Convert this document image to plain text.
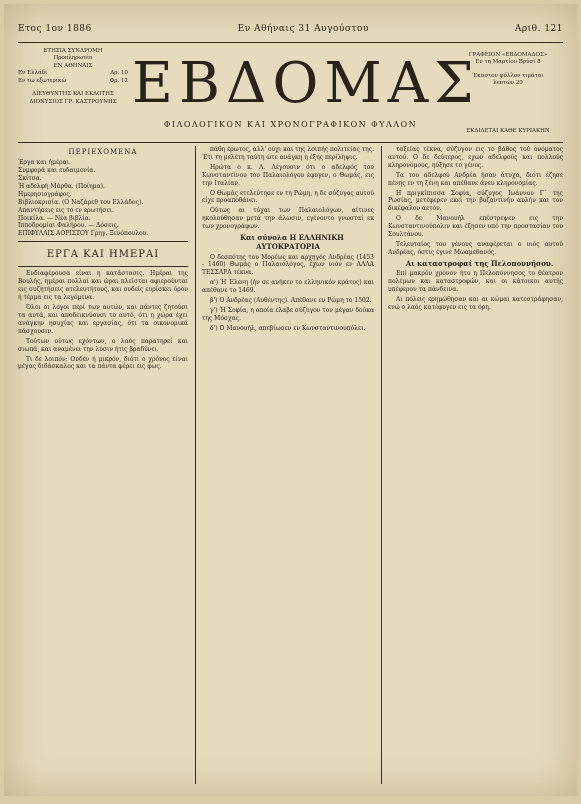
Ετος 1ον 1886	Εν Αθήναις 31 Αυγούστου	Αριθ. 121

ΕΤΗΣΙΑ ΣΥΝΔΡΟΜΗ

Προπληρωτέα

ΕΝ ΑΘΗΝΑΙΣ

Εν Ελλάδι	Δρ. 10
Εν τω εξωτερικώ	Φρ. 12

ΔΙΕΥΘΥΝΤΗΣ ΚΑΙ ΕΚΔΟΤΗΣ

ΔΙΟΝΥΣΙΟΣ ΓΡ. ΚΑΣΤΡΟΥΝΗΣ ΕΒΔΟΜΑΣ
ΦΙΛΟΛΟΓΙΚΟΝ ΚΑΙ ΧΡΟΝΟΓΡΑΦΙΚΟΝ ΦΥΛΛΟΝ

ΓΡΑΦΕΙΟΝ «ΕΒΔΟΜΑΔΟΣ»

Εν τη Μαρτίου Βρύσι 8

Έκαστον φύλλον τιμάται

λεπτών 20

ΕΚΔΙΔΕΤΑΙ ΚΑΘΕ ΚΥΡΙΑΚΗΝ

ΠΕΡΙΕΧΟΜΕΝΑ

Έργα και ήμέραι.

Συμφορά και ευδαιμονία.

Σκίτσα.

Ή αδελφή Μάρθα. (Ποίημα).

Ημερησιογράφος.

Βιβλιοκρισία. (Ο Ναζάρεθ του Ελλάδος).

Απαντήσεις εις το εν ερωτήσει.

Ποικίλα. — Νέα βιβλία.

Ιπποδρομίαι Φαλήρου. — Δόσεις.

ΕΠΙΦΥΛΛΙΣ ΑΟΡΙΣΤΟΥ Γρηγ. Ξενόπουλου.

ΕΡΓΑ ΚΑΙ ΗΜΕΡΑΙ

Ενδιαφέρουσα είναι η κατάστασις. Ημέραι της Βουλής, ημέραι πολλαί και ώραι πλείσται αφιερούνται εις συζητήσεις ατελευτήτους, και ουδείς ευρίσκει όρον ή τέρμα εις τα λεγόμενα.

Όλοι οι λόγοι περί των αυτών, και πάντες ζητούσι τα αυτά, και αποδεικνύουσι το αυτό, ότι η χώρα έχει ανάγκην ησυχίας και εργασίας, ότι τα οικονομικά πάσχουσιν.

Τούτων ούτως εχόντων, ο λαός παρατηρεί και σιωπά, και αναμένει την λύσιν ήτις βραδύνει.

Τι δε λοιπόν; Ουδέν ή μικρόν, διότι ο χρόνος είναι μέγας διδάσκαλος και τα πάντα φέρει εις φως.

πάθη έρωτος, αλλ' ούχι και της λοιπής πολιτείας της. Έτι τη μελέτη ταύτη ώτε ανάγκη η έξης περίληψις.

Ηρώτα ο κ. Λ. Λέγουσιν ότι ο αδελφός του Κωνσταντίνου του Παλαιολόγου έφυγεν, ο Θωμάς, εις την Ιταλίαν.

Ο Θωμάς ετελεύτησε εν τη Ρώμη, η δε σύζυγος αυτού είχε προαποθάνει.

Ούτως αι τύχαι των Παλαιολόγων, αίτινες ηκολούθησαν μετά την άλωσιν, εγένοντο γνωσταί εκ των χρονογράφων.

Και σύνολα Η ΕΛΛΗΝΙΚΗ ΑΥΤΟΚΡΑΤΟΡΙΑ

Ο δεσπότης του Μορέως και αρχηγός Ανδρέας (1453 - 1460) Θωμάς ο Παλαιολόγος, έχων υιόν εν ΑΛΛΑ ΤΕΣΣΑΡΑ τέκνα.

α') Ή Έλενη (ήν σε ανήκεν το ελληνικόν κράτος) και απέθανε το 1469.

β') Ο Ανδρέας (Αυθέντης). Απέθανε εν Ρώμη το 1502.

γ') Ή Σοφία, η οποία έλαβε σύζυγον τον μέγαν δούκα της Μόσχας.

δ') Ο Μανουήλ, απεβίωσεν εν Κωνσταντινουπόλει.

ταξείας τέκνα, σύζυγον εις το βάθος τού ονόματος αυτού. Ο δε δεύτερος, εχων αδελφούς και πολλούς κληρονόμους, ηύξησε το γένος.

Τα του αδελφού Ανδρέα ήσαν άτυχα, διότι έζησε πένης εν τη ξένη και απέθανε άνευ κληρονομίας.

Η πριγκίπισσα Σοφία, σύζυγος Ιωάννου Γ΄ της Ρωσίας, μετέφερεν εκεί την βυζαντινήν αυλήν και τον δικέφαλον αετόν.

Ο δε Μανουήλ επέστρεψεν εις την Κωνσταντινούπολιν και έζησεν υπό την προστασίαν του Σουλτάνου.

Τελευταίος του γένους αναφέρεται ο υιός αυτού Ανδρέας, όστις έγινε Μωαμεθανός.

Αι καταστροφαί της Πελοποννήσου.

Επί μακρόν χρόνον ήτο η Πελοπόννησος το θέατρον πολέμων και καταστροφών, και οι κάτοικοι αυτής υπέφερον τα πάνδεινα.

Αι πόλεις ερημώθησαν και αι κώμαι κατεστράφησαν, ενώ ο λαός κατέφυγεν εις τα όρη.
